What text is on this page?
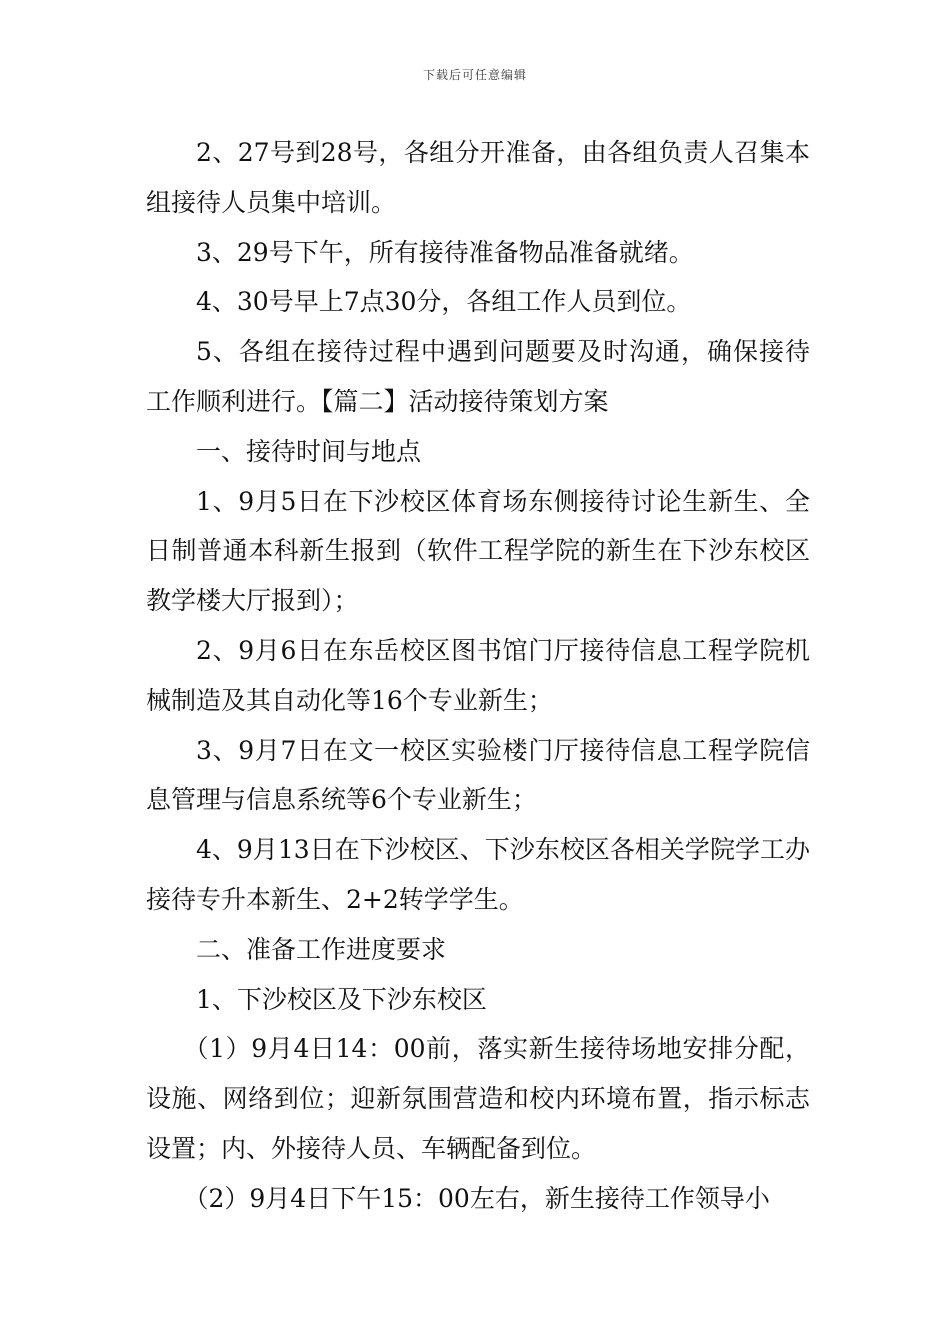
下载后可任意编辑

2、27号到28号，各组分开准备，由各组负责人召集本组接待人员集中培训。

3、29号下午，所有接待准备物品准备就绪。

4、30号早上7点30分，各组工作人员到位。

5、各组在接待过程中遇到问题要及时沟通，确保接待工作顺利进行。【篇二】活动接待策划方案

一、接待时间与地点

1、9月5日在下沙校区体育场东侧接待讨论生新生、全日制普通本科新生报到（软件工程学院的新生在下沙东校区教学楼大厅报到）；

2、9月6日在东岳校区图书馆门厅接待信息工程学院机械制造及其自动化等16个专业新生；

3、9月7日在文一校区实验楼门厅接待信息工程学院信息管理与信息系统等6个专业新生；

4、9月13日在下沙校区、下沙东校区各相关学院学工办接待专升本新生、2+2转学学生。

二、准备工作进度要求

1、下沙校区及下沙东校区

（1）9月4日14：00前，落实新生接待场地安排分配，设施、网络到位；迎新氛围营造和校内环境布置，指示标志设置；内、外接待人员、车辆配备到位。

（2）9月4日下午15：00左右，新生接待工作领导小
